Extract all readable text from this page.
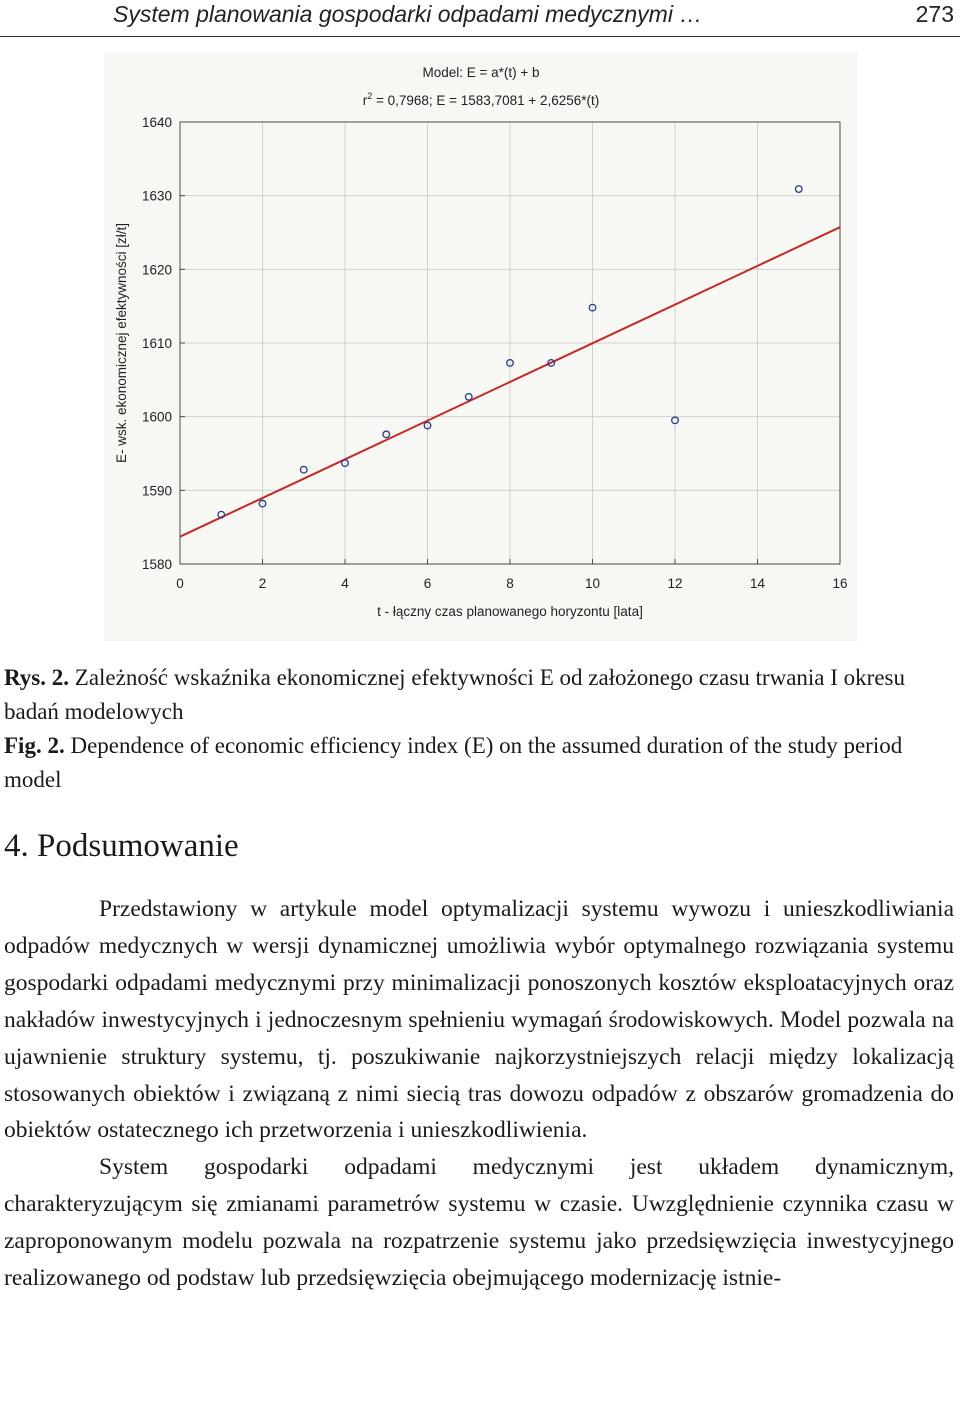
System planowania gospodarki odpadami medycznymi …	273
Model: E = a*(t) + b
$r^2 = 0,7968$; E = 1583,7081 + 2,6256*(t)
0	2	4	6	8	10	12	14	16
1580
1590
1600
1610
1620
1630
1640
t - łączny czas planowanego horyzontu [lata]
E- wsk. ekonomicznej efektywności [zł/t]
Rys. 2. Zależność wskaźnika ekonomicznej efektywności E od założonego czasu trwania I okresu badań modelowych
Fig. 2. Dependence of economic efficiency index (E) on the assumed duration of the study period model
4. Podsumowanie

Przedstawiony w artykule model optymalizacji systemu wywozu i unieszkodliwiania odpadów medycznych w wersji dynamicznej umożliwia wybór optymalnego rozwiązania systemu gospodarki odpadami medycznymi przy minimalizacji ponoszonych kosztów eksploatacyjnych oraz nakładów inwestycyjnych i jednoczesnym spełnieniu wymagań środowiskowych. Model pozwala na ujawnienie struktury systemu, tj. poszukiwanie najkorzystniejszych relacji między lokalizacją stosowanych obiektów i związaną z nimi siecią tras dowozu odpadów z obszarów gromadzenia do obiektów ostatecznego ich przetworzenia i unieszkodliwienia.

System gospodarki odpadami medycznymi jest układem dynamicznym, charakteryzującym się zmianami parametrów systemu w czasie. Uwzględnienie czynnika czasu w zaproponowanym modelu pozwala na rozpatrzenie systemu jako przedsięwzięcia inwestycyjnego realizowanego od podstaw lub przedsięwzięcia obejmującego modernizację istnie-
